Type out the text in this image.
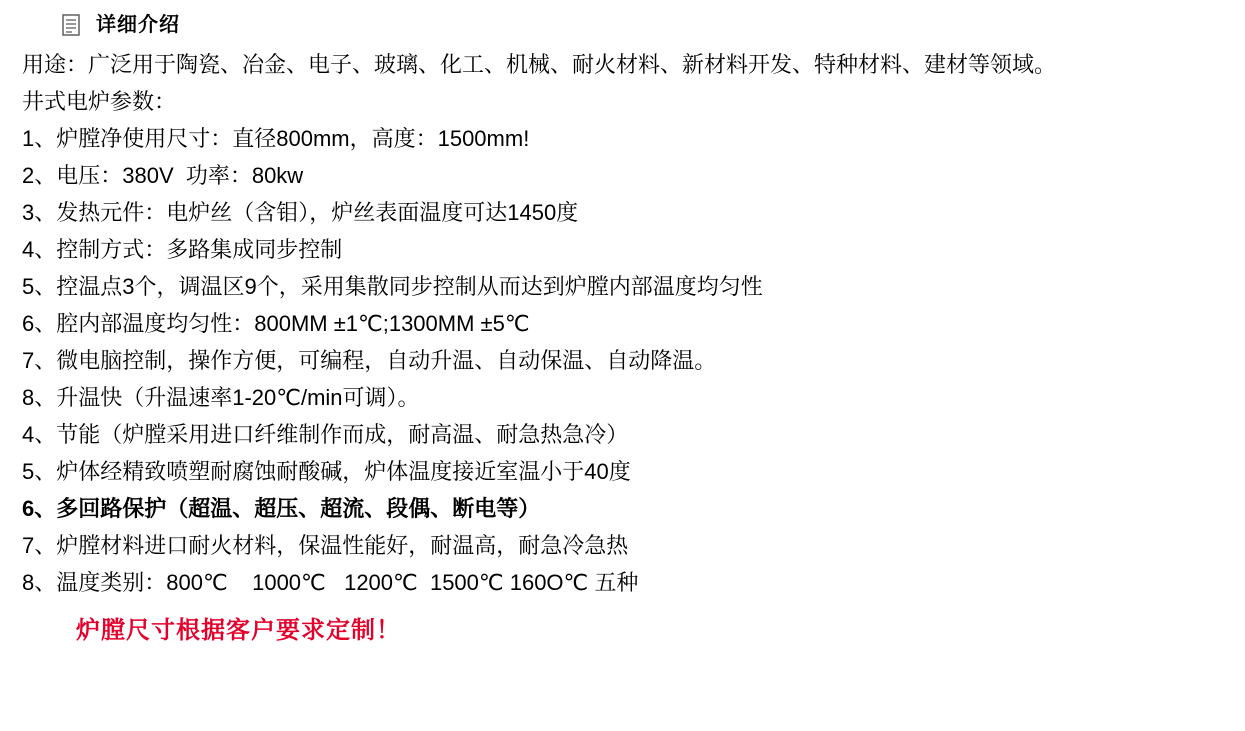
详细介绍
用途：广泛用于陶瓷、冶金、电子、玻璃、化工、机械、耐火材料、新材料开发、特种材料、建材等领域。
井式电炉参数：
1、炉膛净使用尺寸：直径800mm，高度：1500mm!
2、电压：380V  功率：80kw
3、发热元件：电炉丝（含钼），炉丝表面温度可达1450度
4、控制方式：多路集成同步控制
5、控温点3个，调温区9个，采用集散同步控制从而达到炉膛内部温度均匀性
6、腔内部温度均匀性：800MM ±1℃;1300MM ±5℃
7、微电脑控制，操作方便，可编程，自动升温、自动保温、自动降温。
8、升温快（升温速率1-20℃/min可调）。
4、节能（炉膛采用进口纤维制作而成，耐高温、耐急热急冷）
5、炉体经精致喷塑耐腐蚀耐酸碱，炉体温度接近室温小于40度
6、多回路保护（超温、超压、超流、段偶、断电等）
7、炉膛材料进口耐火材料，保温性能好，耐温高，耐急冷急热
8、温度类别：800℃    1000℃   1200℃  1500℃ 160O℃ 五种
炉膛尺寸根据客户要求定制！
